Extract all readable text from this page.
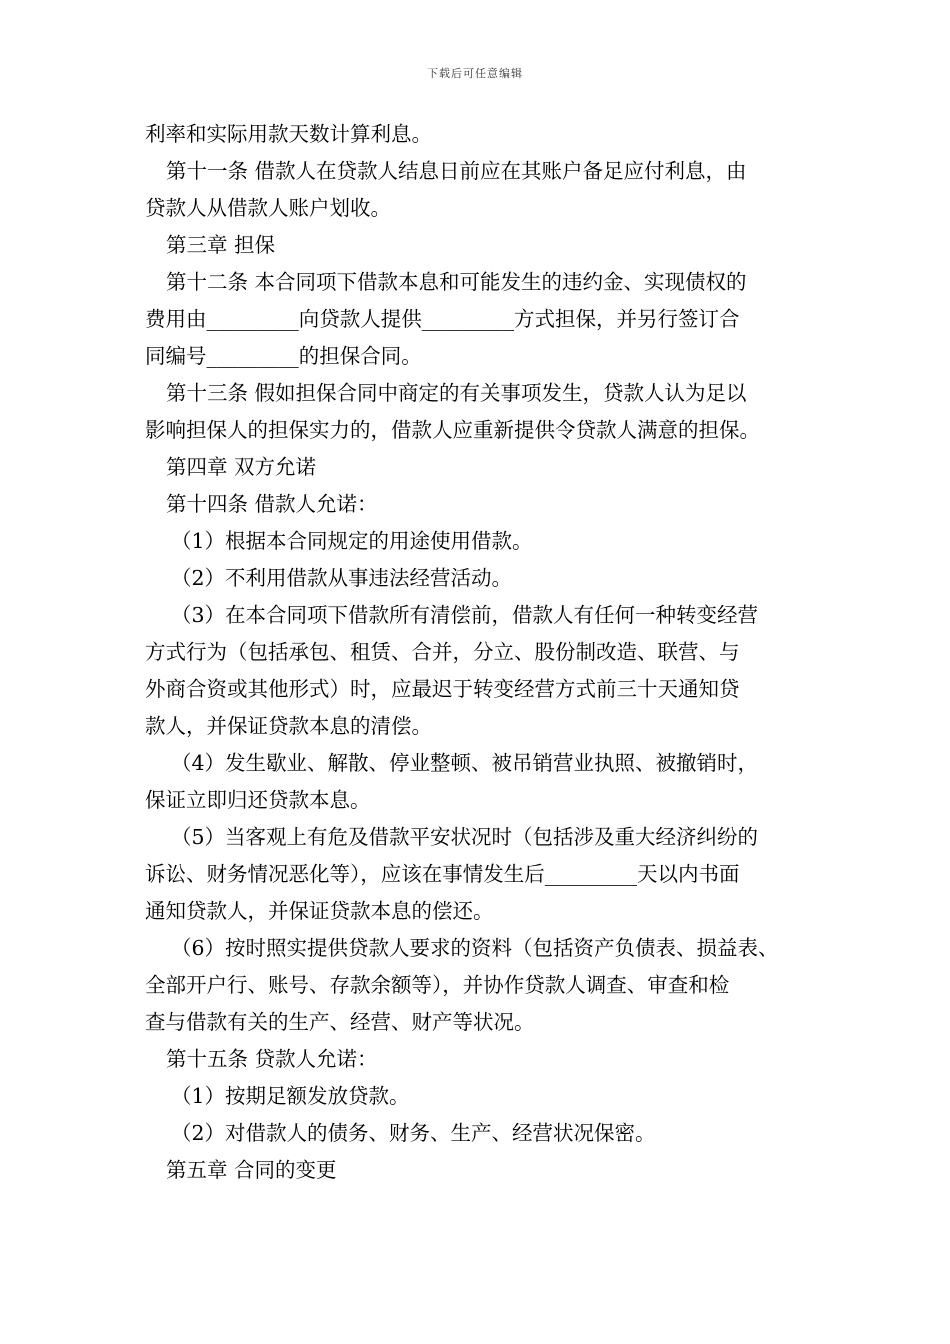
下载后可任意编辑

利率和实际用款天数计算利息。

第十一条 借款人在贷款人结息日前应在其账户备足应付利息，由

贷款人从借款人账户划收。

第三章 担保

第十二条 本合同项下借款本息和可能发生的违约金、实现债权的

费用由_________向贷款人提供_________方式担保，并另行签订合

同编号_________的担保合同。

第十三条 假如担保合同中商定的有关事项发生，贷款人认为足以

影响担保人的担保实力的，借款人应重新提供令贷款人满意的担保。

第四章 双方允诺

第十四条 借款人允诺：

（1）根据本合同规定的用途使用借款。

（2）不利用借款从事违法经营活动。

（3）在本合同项下借款所有清偿前，借款人有任何一种转变经营

方式行为（包括承包、租赁、合并，分立、股份制改造、联营、与

外商合资或其他形式）时，应最迟于转变经营方式前三十天通知贷

款人，并保证贷款本息的清偿。

（4）发生歇业、解散、停业整顿、被吊销营业执照、被撤销时，

保证立即归还贷款本息。

（5）当客观上有危及借款平安状况时（包括涉及重大经济纠纷的

诉讼、财务情况恶化等），应该在事情发生后_________天以内书面

通知贷款人，并保证贷款本息的偿还。

（6）按时照实提供贷款人要求的资料（包括资产负债表、损益表、

全部开户行、账号、存款余额等），并协作贷款人调查、审查和检

查与借款有关的生产、经营、财产等状况。

第十五条 贷款人允诺：

（1）按期足额发放贷款。

（2）对借款人的债务、财务、生产、经营状况保密。

第五章 合同的变更
